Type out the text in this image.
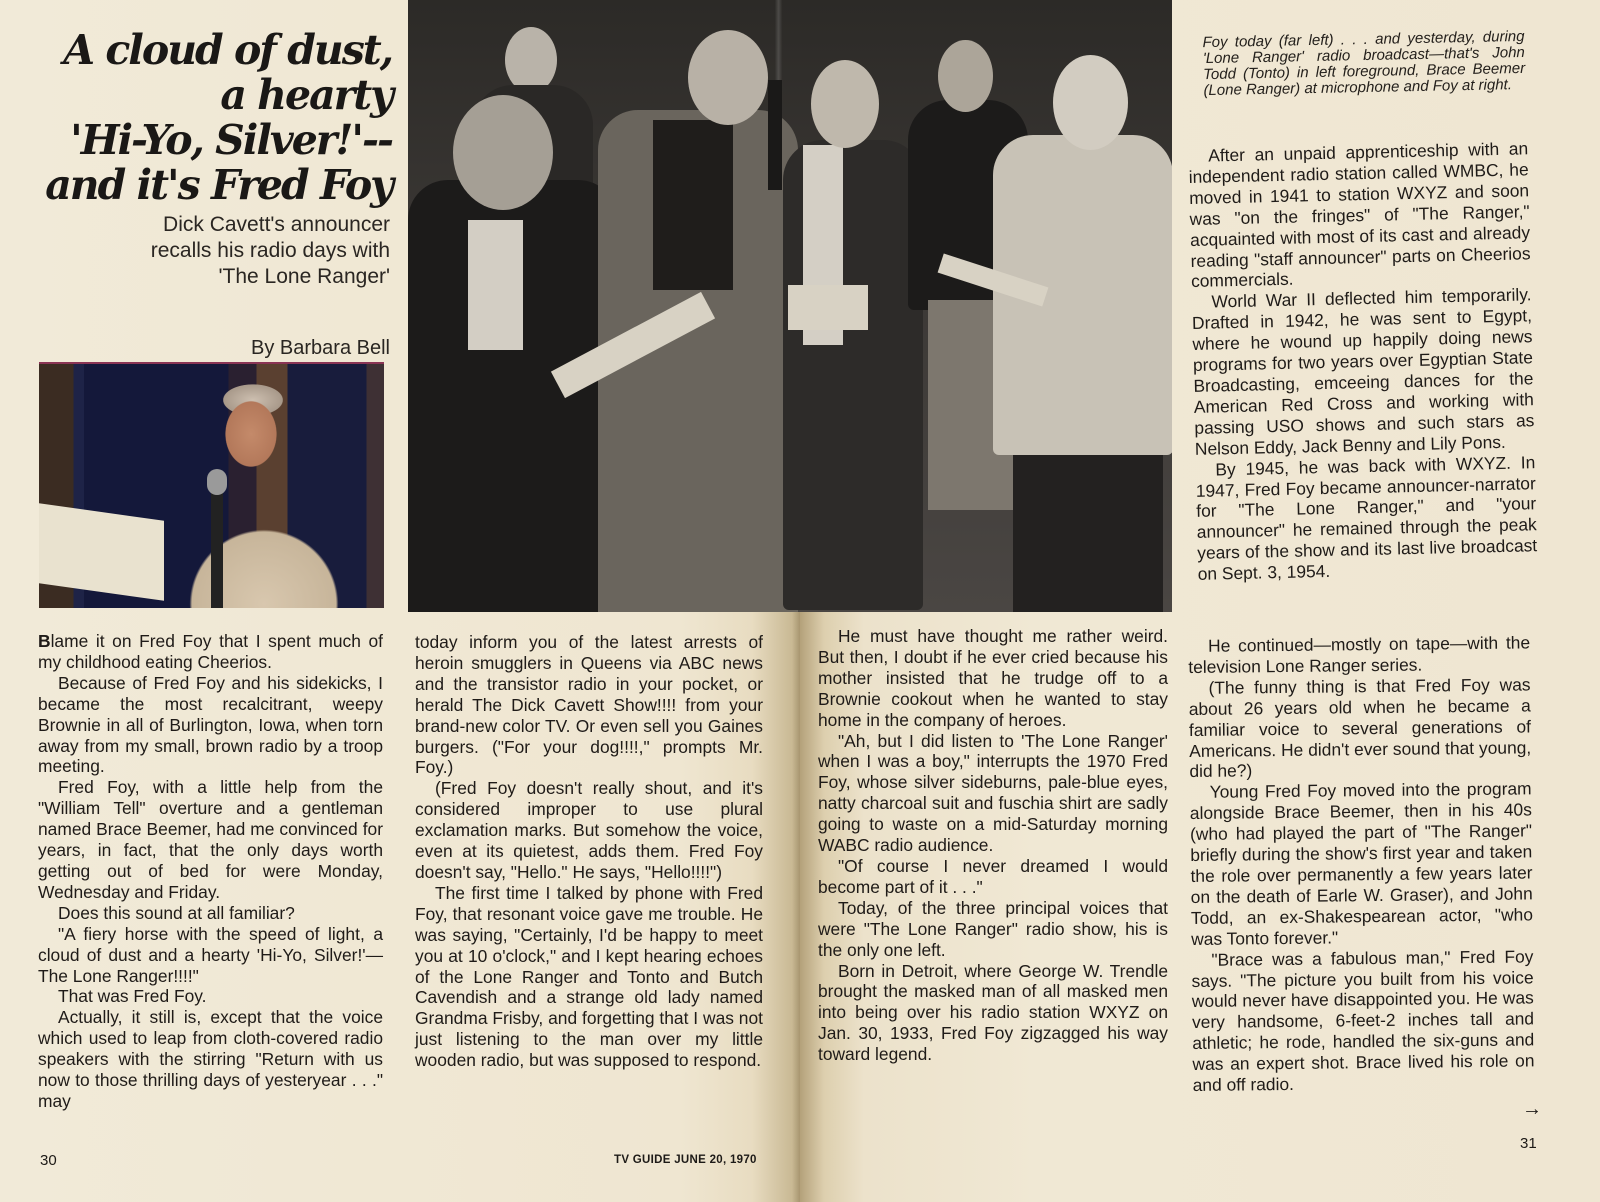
A cloud of dust,
a hearty
'Hi-Yo, Silver!'--
and it's Fred Foy
Dick Cavett's announcer
recalls his radio days with
'The Lone Ranger'
By Barbara Bell
Foy today (far left) . . . and yesterday, during 'Lone Ranger' radio broadcast—that's John Todd (Tonto) in left foreground, Brace Beemer (Lone Ranger) at microphone and Foy at right.

Blame it on Fred Foy that I spent much of my childhood eating Cheerios.

Because of Fred Foy and his sidekicks, I became the most recalcitrant, weepy Brownie in all of Burlington, Iowa, when torn away from my small, brown radio by a troop meeting.

Fred Foy, with a little help from the "William Tell" overture and a gentleman named Brace Beemer, had me convinced for years, in fact, that the only days worth getting out of bed for were Monday, Wednesday and Friday.

Does this sound at all familiar?

"A fiery horse with the speed of light, a cloud of dust and a hearty 'Hi-Yo, Silver!'—The Lone Ranger!!!!"

That was Fred Foy.

Actually, it still is, except that the voice which used to leap from cloth-covered radio speakers with the stirring "Return with us now to those thrilling days of yesteryear . . ." may

today inform you of the latest arrests of heroin smugglers in Queens via ABC news and the transistor radio in your pocket, or herald The Dick Cavett Show!!!! from your brand-new color TV. Or even sell you Gaines burgers. ("For your dog!!!!," prompts Mr. Foy.)

(Fred Foy doesn't really shout, and it's considered improper to use plural exclamation marks. But somehow the voice, even at its quietest, adds them. Fred Foy doesn't say, "Hello." He says, "Hello!!!!")

The first time I talked by phone with Fred Foy, that resonant voice gave me trouble. He was saying, "Certainly, I'd be happy to meet you at 10 o'clock," and I kept hearing echoes of the Lone Ranger and Tonto and Butch Cavendish and a strange old lady named Grandma Frisby, and forgetting that I was not just listening to the man over my little wooden radio, but was supposed to respond.

He must have thought me rather weird. But then, I doubt if he ever cried because his mother insisted that he trudge off to a Brownie cookout when he wanted to stay home in the company of heroes.

"Ah, but I did listen to 'The Lone Ranger' when I was a boy," interrupts the 1970 Fred Foy, whose silver sideburns, pale-blue eyes, natty charcoal suit and fuschia shirt are sadly going to waste on a mid-Saturday morning WABC radio audience.

"Of course I never dreamed I would become part of it . . ."

Today, of the three principal voices that were "The Lone Ranger" radio show, his is the only one left.

Born in Detroit, where George W. Trendle brought the masked man of all masked men into being over his radio station WXYZ on Jan. 30, 1933, Fred Foy zigzagged his way toward legend.

After an unpaid apprenticeship with an independent radio station called WMBC, he moved in 1941 to station WXYZ and soon was "on the fringes" of "The Ranger," acquainted with most of its cast and already reading "staff announcer" parts on Cheerios commercials.

World War II deflected him temporarily. Drafted in 1942, he was sent to Egypt, where he wound up happily doing news programs for two years over Egyptian State Broadcasting, emceeing dances for the American Red Cross and working with passing USO shows and such stars as Nelson Eddy, Jack Benny and Lily Pons.

By 1945, he was back with WXYZ. In 1947, Fred Foy became announcer-narrator for "The Lone Ranger," and "your announcer" he remained through the peak years of the show and its last live broadcast on Sept. 3, 1954.

He continued—mostly on tape—with the television Lone Ranger series.

(The funny thing is that Fred Foy was about 26 years old when he became a familiar voice to several generations of Americans. He didn't ever sound that young, did he?)

Young Fred Foy moved into the program alongside Brace Beemer, then in his 40s (who had played the part of "The Ranger" briefly during the show's first year and taken the role over permanently a few years later on the death of Earle W. Graser), and John Todd, an ex-Shakespearean actor, "who was Tonto forever."

"Brace was a fabulous man," Fred Foy says. "The picture you built from his voice would never have disappointed you. He was very handsome, 6-feet-2 inches tall and athletic; he rode, handled the six-guns and was an expert shot. Brace lived his role on and off radio.

→
30	TV GUIDE JUNE 20, 1970
31
